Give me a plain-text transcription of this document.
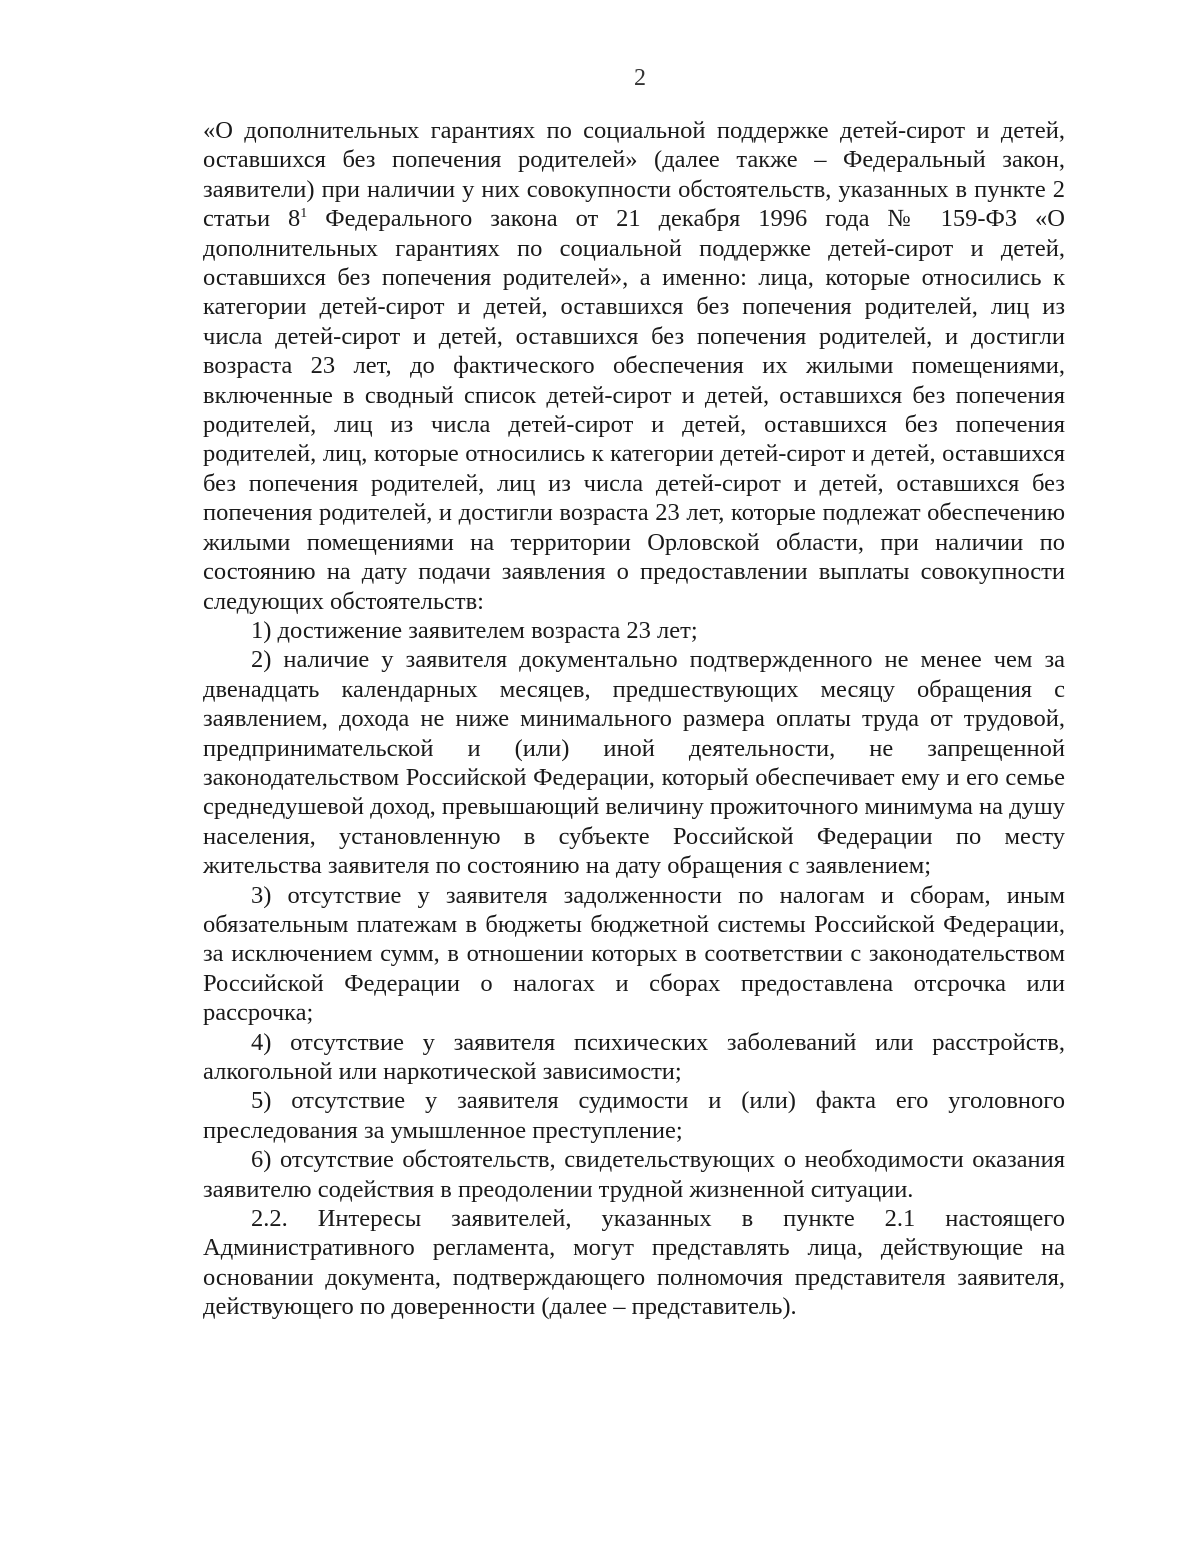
2

«О дополнительных гарантиях по социальной поддержке детей-сирот и детей, оставшихся без попечения родителей» (далее также – Федеральный закон, заявители) при наличии у них совокупности обстоятельств, указанных в пункте 2 статьи $8^1$ Федерального закона от 21 декабря 1996 года № 159-ФЗ «О дополнительных гарантиях по социальной поддержке детей-сирот и детей, оставшихся без попечения родителей», а именно: лица, которые относились к категории детей-сирот и детей, оставшихся без попечения родителей, лиц из числа детей-сирот и детей, оставшихся без попечения родителей, и достигли возраста 23 лет, до фактического обеспечения их жилыми помещениями, включенные в сводный список детей-сирот и детей, оставшихся без попечения родителей, лиц из числа детей-сирот и детей, оставшихся без попечения родителей, лиц, которые относились к категории детей-сирот и детей, оставшихся без попечения родителей, лиц из числа детей-сирот и детей, оставшихся без попечения родителей, и достигли возраста 23 лет, которые подлежат обеспечению жилыми помещениями на территории Орловской области, при наличии по состоянию на дату подачи заявления о предоставлении выплаты совокупности следующих обстоятельств:

1) достижение заявителем возраста 23 лет;

2) наличие у заявителя документально подтвержденного не менее чем за двенадцать календарных месяцев, предшествующих месяцу обращения с заявлением, дохода не ниже минимального размера оплаты труда от трудовой, предпринимательской и (или) иной деятельности, не запрещенной законодательством Российской Федерации, который обеспечивает ему и его семье среднедушевой доход, превышающий величину прожиточного минимума на душу населения, установленную в субъекте Российской Федерации по месту жительства заявителя по состоянию на дату обращения с заявлением;

3) отсутствие у заявителя задолженности по налогам и сборам, иным обязательным платежам в бюджеты бюджетной системы Российской Федерации, за исключением сумм, в отношении которых в соответствии с законодательством Российской Федерации о налогах и сборах предоставлена отсрочка или рассрочка;

4) отсутствие у заявителя психических заболеваний или расстройств, алкогольной или наркотической зависимости;

5) отсутствие у заявителя судимости и (или) факта его уголовного преследования за умышленное преступление;

6) отсутствие обстоятельств, свидетельствующих о необходимости оказания заявителю содействия в преодолении трудной жизненной ситуации.

2.2. Интересы заявителей, указанных в пункте 2.1 настоящего Административного регламента, могут представлять лица, действующие на основании документа, подтверждающего полномочия представителя заявителя, действующего по доверенности (далее – представитель).
